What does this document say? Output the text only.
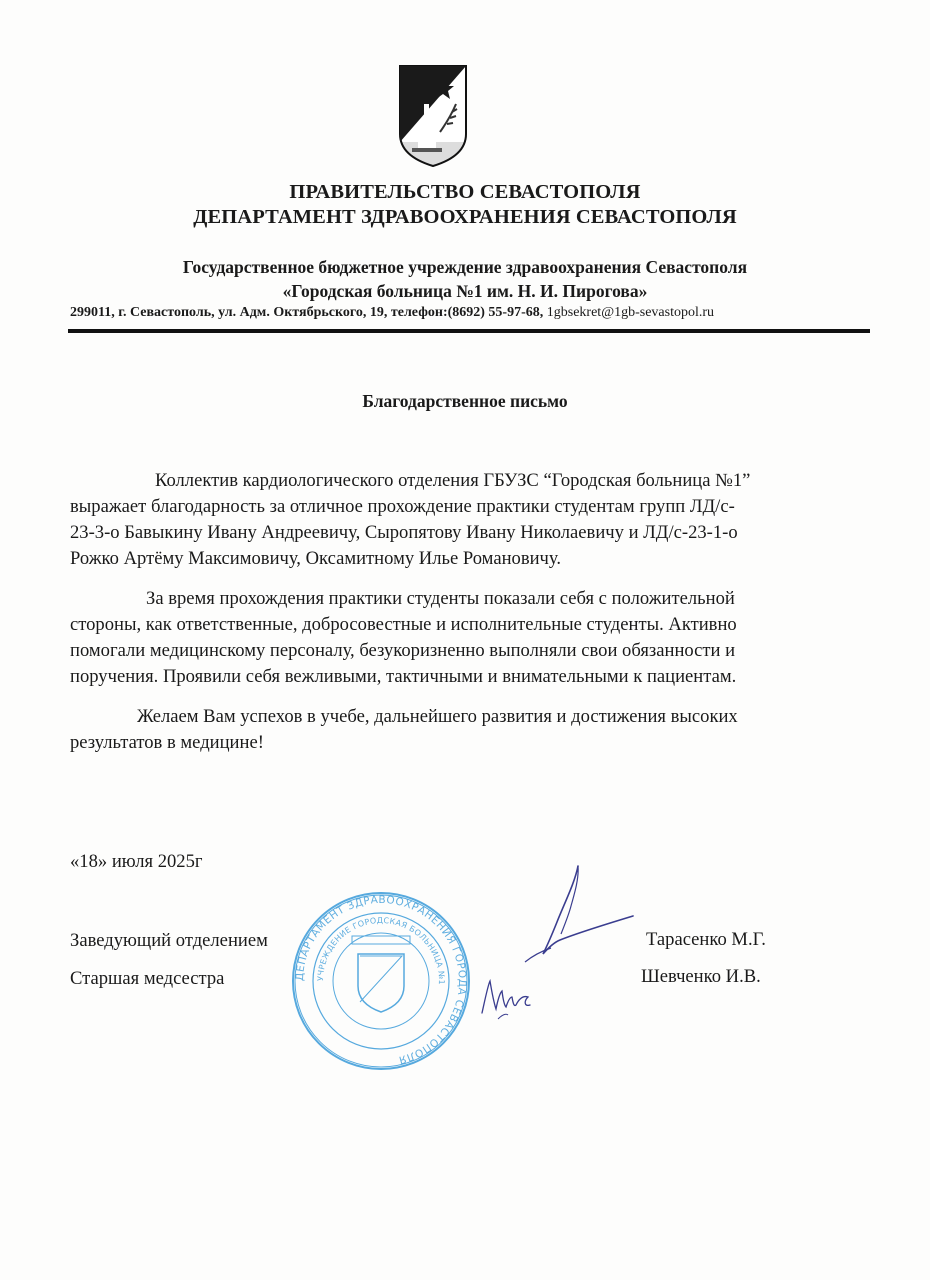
ПРАВИТЕЛЬСТВО СЕВАСТОПОЛЯ
ДЕПАРТАМЕНТ ЗДРАВООХРАНЕНИЯ СЕВАСТОПОЛЯ
Государственное бюджетное учреждение здравоохранения Севастополя
«Городская больница №1 им. Н. И. Пирогова»
299011, г. Севастополь, ул. Адм. Октябрьского, 19, телефон:(8692) 55-97-68, 1gbsekret@1gb-sevastopol.ru
Благодарственное письмо
Коллектив кардиологического отделения ГБУЗС “Городская больница №1”
выражает благодарность за отличное прохождение практики студентам групп ЛД/с-
23-3-о Бавыкину Ивану Андреевичу, Сыропятову Ивану Николаевичу и ЛД/с-23-1-о
Рожко Артёму Максимовичу, Оксамитному Илье Романовичу.
За время прохождения практики студенты показали себя с положительной
стороны, как ответственные, добросовестные и исполнительные студенты. Активно
помогали медицинскому персоналу, безукоризненно выполняли свои обязанности и
поручения. Проявили себя вежливыми, тактичными и внимательными к пациентам.
Желаем Вам успехов в учебе, дальнейшего развития и достижения высоких
результатов в медицине!
«18» июля 2025г
ДЕПАРТАМЕНТ ЗДРАВООХРАНЕНИЯ ГОРОДА СЕВАСТОПОЛЯ
УЧРЕЖДЕНИЕ ГОРОДСКАЯ БОЛЬНИЦА №1
Заведующий отделением
Старшая медсестра
Тарасенко М.Г.
Шевченко И.В.
